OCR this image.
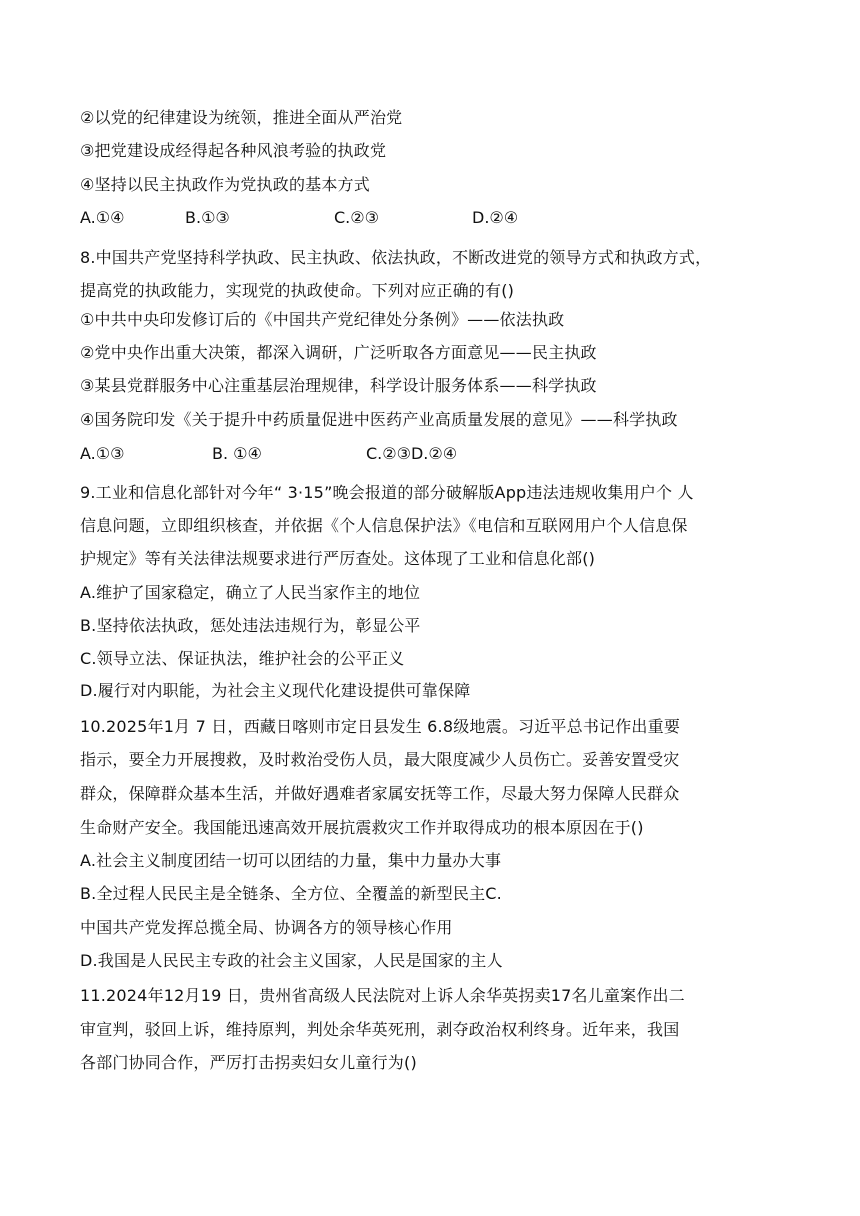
②以党的纪律建设为统领，推进全面从严治党
③把党建设成经得起各种风浪考验的执政党
④坚持以民主执政作为党执政的基本方式
A.①④	B.①③	C.②③	D.②④
8.中国共产党坚持科学执政、民主执政、依法执政，不断改进党的领导方式和执政方式，
提高党的执政能力，实现党的执政使命。下列对应正确的有()
①中共中央印发修订后的《中国共产党纪律处分条例》——依法执政
②党中央作出重大决策，都深入调研，广泛听取各方面意见——民主执政
③某县党群服务中心注重基层治理规律，科学设计服务体系——科学执政
④国务院印发《关于提升中药质量促进中医药产业高质量发展的意见》——科学执政
A.①③	B. ①④	C.②③D.②④
9.工业和信息化部针对今年“ 3·15”晚会报道的部分破解版App违法违规收集用户个 人
信息问题，立即组织核查，并依据《个人信息保护法》《电信和互联网用户个人信息保
护规定》等有关法律法规要求进行严厉查处。这体现了工业和信息化部()
A.维护了国家稳定，确立了人民当家作主的地位
B.坚持依法执政，惩处违法违规行为，彰显公平
C.领导立法、保证执法，维护社会的公平正义
D.履行对内职能，为社会主义现代化建设提供可靠保障
10.2025年1月 7 日，西藏日喀则市定日县发生 6.8级地震。习近平总书记作出重要
指示，要全力开展搜救，及时救治受伤人员，最大限度减少人员伤亡。妥善安置受灾
群众，保障群众基本生活，并做好遇难者家属安抚等工作，尽最大努力保障人民群众
生命财产安全。我国能迅速高效开展抗震救灾工作并取得成功的根本原因在于()
A.社会主义制度团结一切可以团结的力量，集中力量办大事
B.全过程人民民主是全链条、全方位、全覆盖的新型民主C.
中国共产党发挥总揽全局、协调各方的领导核心作用
D.我国是人民民主专政的社会主义国家，人民是国家的主人
11.2024年12月19 日，贵州省高级人民法院对上诉人余华英拐卖17名儿童案作出二
审宣判，驳回上诉，维持原判，判处余华英死刑，剥夺政治权利终身。近年来，我国
各部门协同合作，严厉打击拐卖妇女儿童行为()
